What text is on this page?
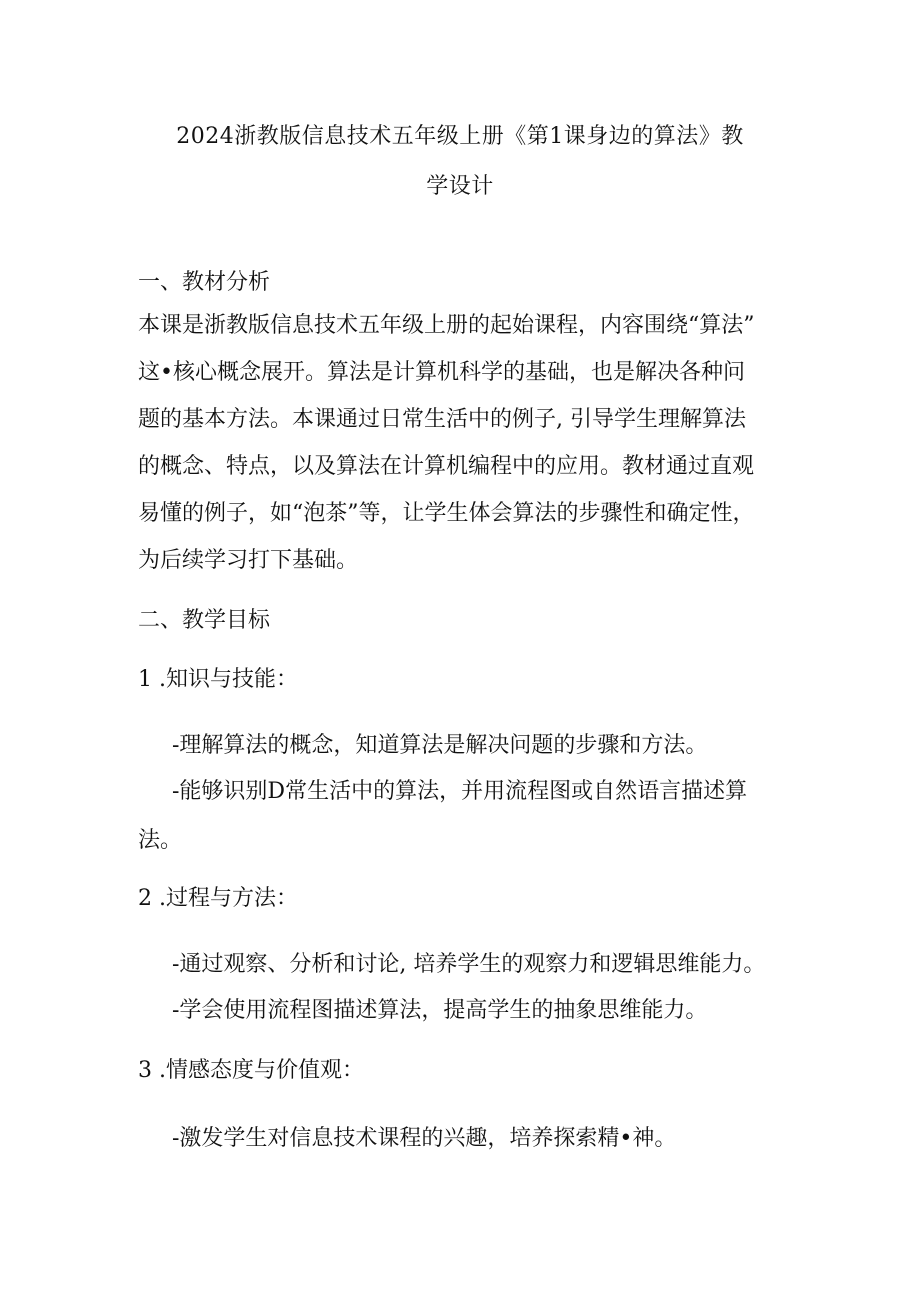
2024浙教版信息技术五年级上册《第1课身边的算法》教
学设计
一、教材分析
本课是浙教版信息技术五年级上册的起始课程，内容围绕“算法”
这•核心概念展开。算法是计算机科学的基础，也是解决各种问
题的基本方法。本课通过日常生活中的例子, 引导学生理解算法
的概念、特点，以及算法在计算机编程中的应用。教材通过直观
易懂的例子，如“泡茶”等，让学生体会算法的步骤性和确定性，
为后续学习打下基础。
二、教学目标
1 .知识与技能：
-理解算法的概念，知道算法是解决问题的步骤和方法。
-能够识别D常生活中的算法，并用流程图或自然语言描述算
法。
2 .过程与方法：
-通过观察、分析和讨论, 培养学生的观察力和逻辑思维能力。
-学会使用流程图描述算法，提高学生的抽象思维能力。
3 .情感态度与价值观：
-激发学生对信息技术课程的兴趣，培养探索精•神。
